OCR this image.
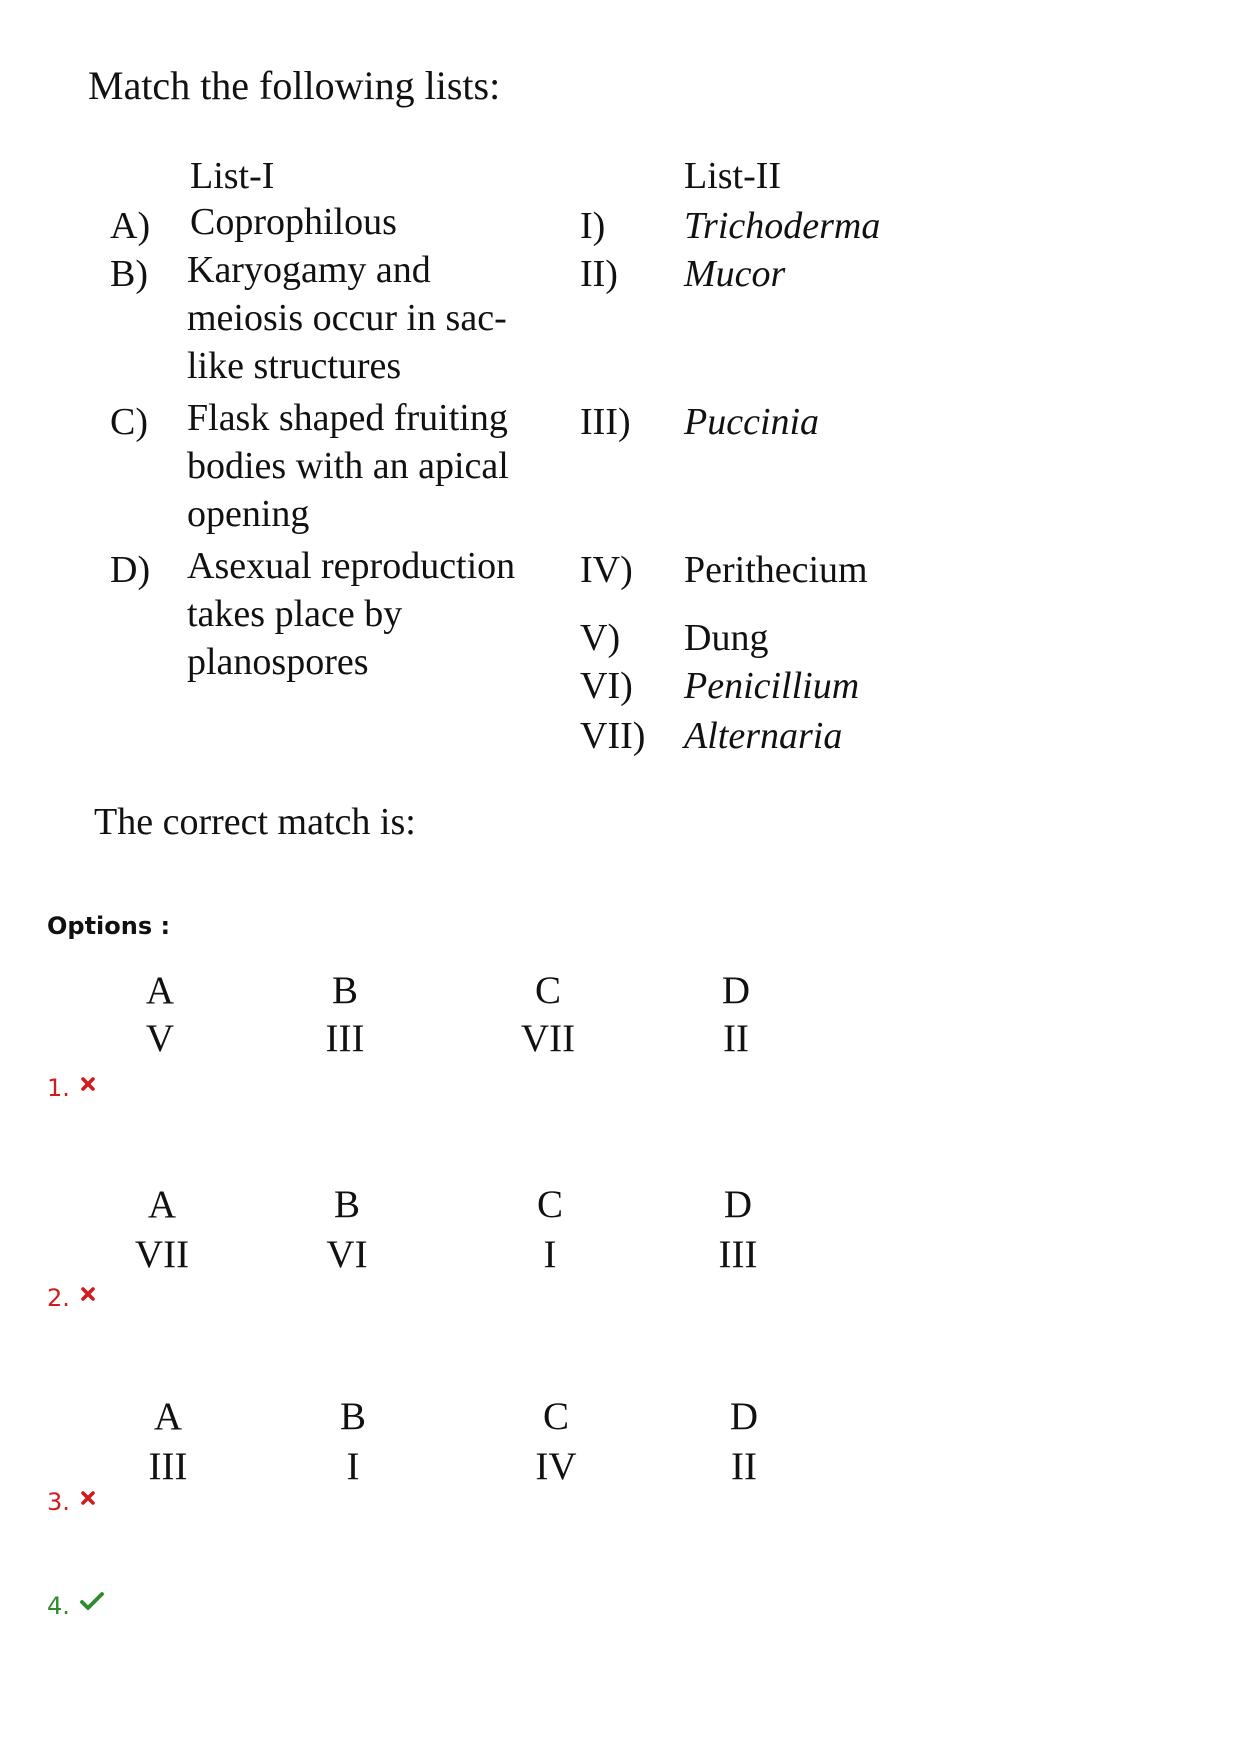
Match the following lists:
List-I	List-II
A) Coprophilous
B) Karyogamy and meiosis occur in sac-like structures
C) Flask shaped fruiting bodies with an apical opening
D) Asexual reproduction takes place by planospores
I) Trichoderma
II) Mucor
III) Puccinia
IV) Perithecium
V) Dung
VI) Penicillium
VII) Alternaria
The correct match is:
Options :
A	B	C	D
V	III	VII	II
1.
A	B	C	D
VII	VI	I	III
2.
A	B	C	D
III	I	IV	II
3.
4.
